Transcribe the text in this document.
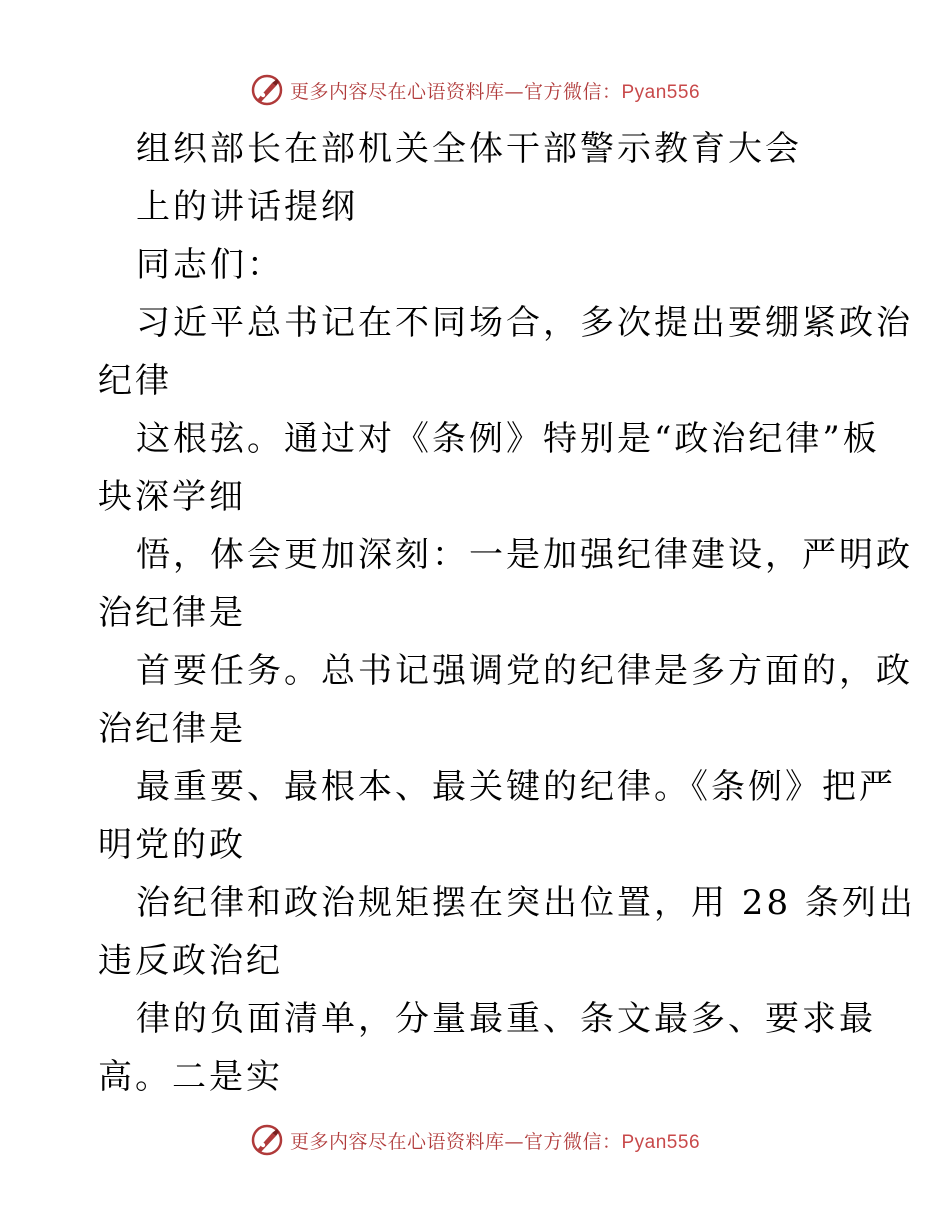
更多内容尽在心语资料库—官方微信：Pyan556
组织部长在部机关全体干部警示教育大会
上的讲话提纲
同志们：
习近平总书记在不同场合，多次提出要绷紧政治
纪律
这根弦。通过对《条例》特别是“政治纪律”板
块深学细
悟，体会更加深刻：一是加强纪律建设，严明政
治纪律是
首要任务。总书记强调党的纪律是多方面的，政
治纪律是
最重要、最根本、最关键的纪律。《条例》把严
明党的政
治纪律和政治规矩摆在突出位置，用 28 条列出
违反政治纪
律的负面清单，分量最重、条文最多、要求最
高。二是实
更多内容尽在心语资料库—官方微信：Pyan556
